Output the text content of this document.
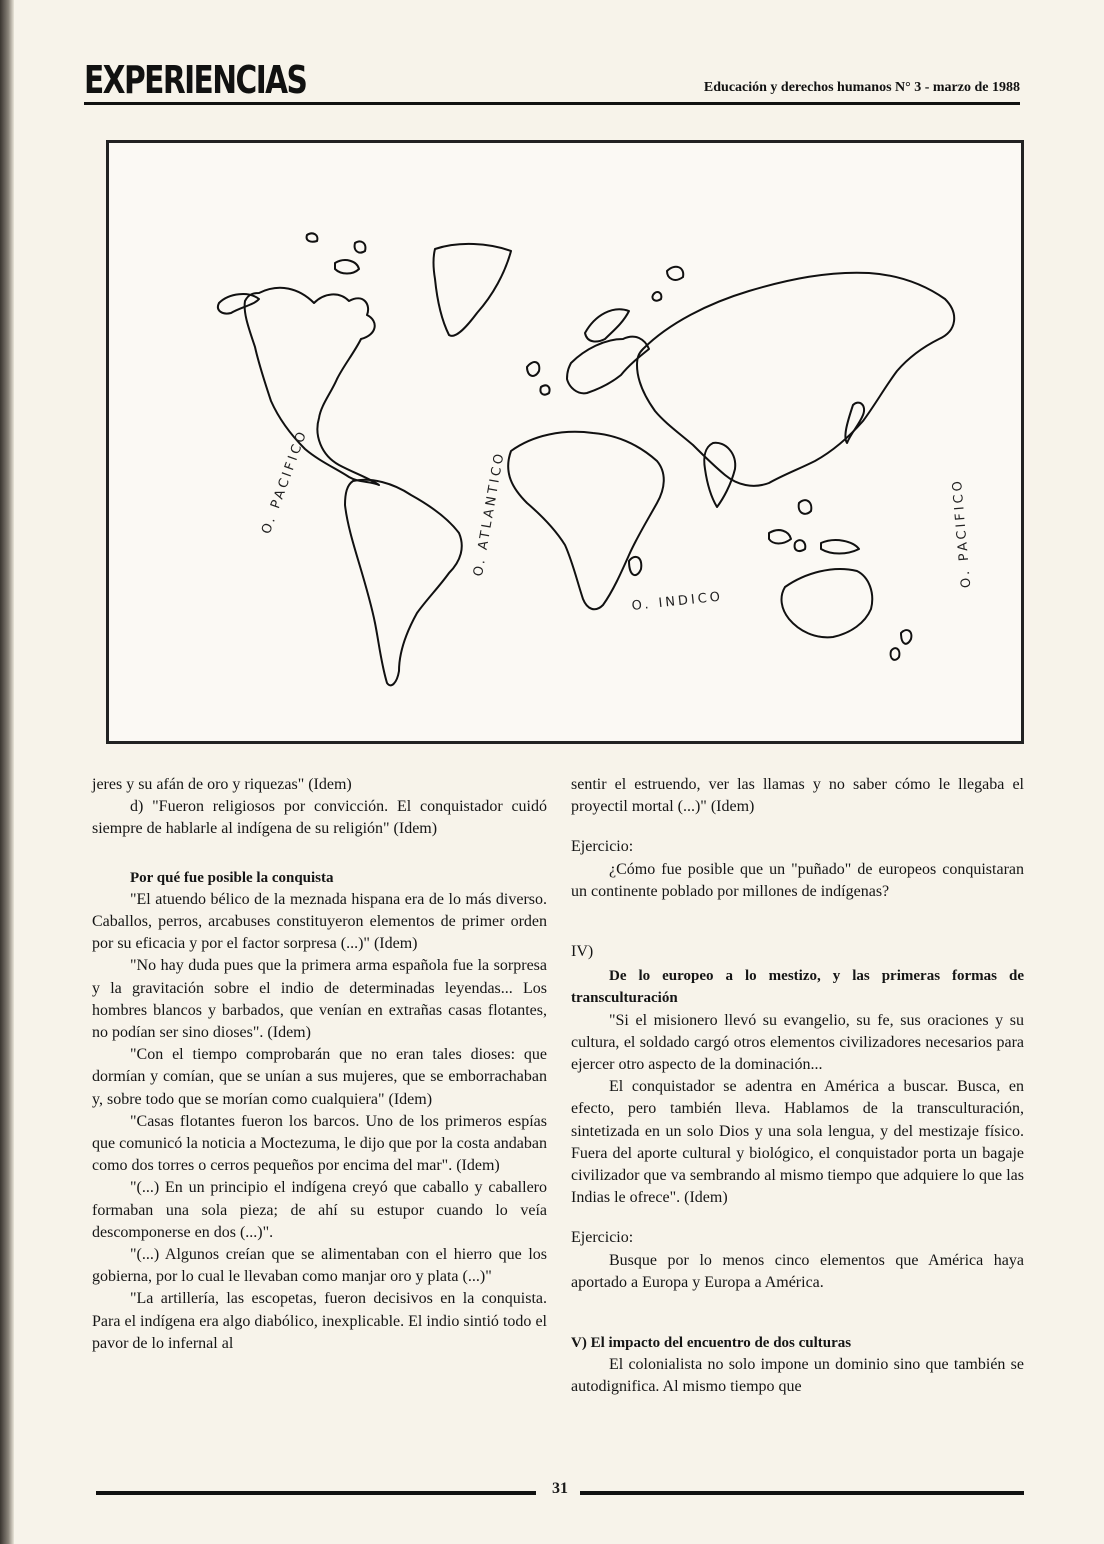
EXPERIENCIAS	Educación y derechos humanos N° 3 - marzo de 1988
O. PACIFICO	O. ATLANTICO
O. INDICO
O. PACIFICO

jeres y su afán de oro y riquezas" (Idem)

d) "Fueron religiosos por convicción. El conquistador cuidó siempre de hablarle al indígena de su religión" (Idem)

Por qué fue posible la conquista

"El atuendo bélico de la meznada hispana era de lo más diverso. Caballos, perros, arcabuses constituyeron elementos de primer orden por su eficacia y por el factor sorpresa (...)" (Idem)

"No hay duda pues que la primera arma española fue la sorpresa y la gravitación sobre el indio de determinadas leyendas... Los hombres blancos y barbados, que venían en extrañas casas flotantes, no podían ser sino dioses". (Idem)

"Con el tiempo comprobarán que no eran tales dioses: que dormían y comían, que se unían a sus mujeres, que se emborrachaban y, sobre todo que se morían como cualquiera" (Idem)

"Casas flotantes fueron los barcos. Uno de los primeros espías que comunicó la noticia a Moctezuma, le dijo que por la costa andaban como dos torres o cerros pequeños por encima del mar". (Idem)

"(...) En un principio el indígena creyó que caballo y caballero formaban una sola pieza; de ahí su estupor cuando lo veía descomponerse en dos (...)".

"(...) Algunos creían que se alimentaban con el hierro que los gobierna, por lo cual le llevaban como manjar oro y plata (...)"

"La artillería, las escopetas, fueron decisivos en la conquista. Para el indígena era algo diabólico, inexplicable. El indio sintió todo el pavor de lo infernal al

sentir el estruendo, ver las llamas y no saber cómo le llegaba el proyectil mortal (...)" (Idem)

Ejercicio:

¿Cómo fue posible que un "puñado" de europeos conquistaran un continente poblado por millones de indígenas?

IV)

De lo europeo a lo mestizo, y las primeras formas de transculturación

"Si el misionero llevó su evangelio, su fe, sus oraciones y su cultura, el soldado cargó otros elementos civilizadores necesarios para ejercer otro aspecto de la dominación...

El conquistador se adentra en América a buscar. Busca, en efecto, pero también lleva. Hablamos de la transculturación, sintetizada en un solo Dios y una sola lengua, y del mestizaje físico. Fuera del aporte cultural y biológico, el conquistador porta un bagaje civilizador que va sembrando al mismo tiempo que adquiere lo que las Indias le ofrece". (Idem)

Ejercicio:

Busque por lo menos cinco elementos que América haya aportado a Europa y Europa a América.

V) El impacto del encuentro de dos culturas

El colonialista no solo impone un dominio sino que también se autodignifica. Al mismo tiempo que

31
